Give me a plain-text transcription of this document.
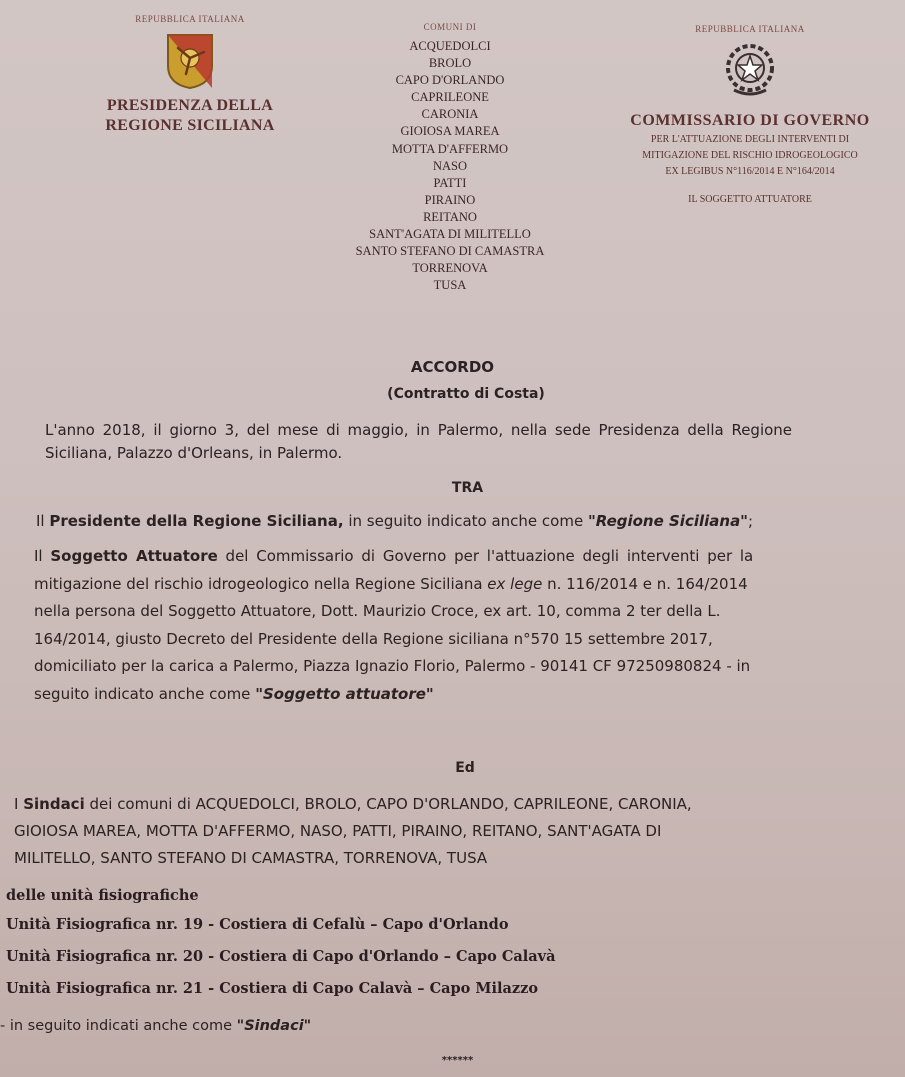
REPUBBLICA ITALIANA
PRESIDENZA DELLA
REGIONE SICILIANA
COMUNI DI
ACQUEDOLCI
BROLO
CAPO D'ORLANDO
CAPRILEONE
CARONIA
GIOIOSA MAREA
MOTTA D'AFFERMO
NASO
PATTI
PIRAINO
REITANO
SANT'AGATA DI MILITELLO
SANTO STEFANO DI CAMASTRA
TORRENOVA
TUSA
REPUBBLICA ITALIANA
COMMISSARIO DI GOVERNO
PER L'ATTUAZIONE DEGLI INTERVENTI DI
MITIGAZIONE DEL RISCHIO IDROGEOLOGICO
EX LEGIBUS N°116/2014 E N°164/2014
IL SOGGETTO ATTUATORE
ACCORDO
(Contratto di Costa)
L'anno 2018, il giorno 3, del mese di maggio, in Palermo, nella sede Presidenza della Regione
Siciliana, Palazzo d'Orleans, in Palermo.
TRA
Il Presidente della Regione Siciliana, in seguito indicato anche come "Regione Siciliana";
Il Soggetto Attuatore del Commissario di Governo per l'attuazione degli interventi per la
mitigazione del rischio idrogeologico nella Regione Siciliana ex lege n. 116/2014 e n. 164/2014
nella persona del Soggetto Attuatore, Dott. Maurizio Croce, ex art. 10, comma 2 ter della L.
164/2014, giusto Decreto del Presidente della Regione siciliana n°570 15 settembre 2017,
domiciliato per la carica a Palermo, Piazza Ignazio Florio, Palermo - 90141 CF 97250980824 - in
seguito indicato anche come "Soggetto attuatore"
Ed
I Sindaci dei comuni di ACQUEDOLCI, BROLO, CAPO D'ORLANDO, CAPRILEONE, CARONIA,
GIOIOSA MAREA, MOTTA D'AFFERMO, NASO, PATTI, PIRAINO, REITANO, SANT'AGATA DI
MILITELLO, SANTO STEFANO DI CAMASTRA, TORRENOVA, TUSA
delle unità fisiografiche
Unità Fisiografica nr. 19 - Costiera di Cefalù – Capo d'Orlando
Unità Fisiografica nr. 20 - Costiera di Capo d'Orlando – Capo Calavà
Unità Fisiografica nr. 21 - Costiera di Capo Calavà – Capo Milazzo
- in seguito indicati anche come "Sindaci"
******
